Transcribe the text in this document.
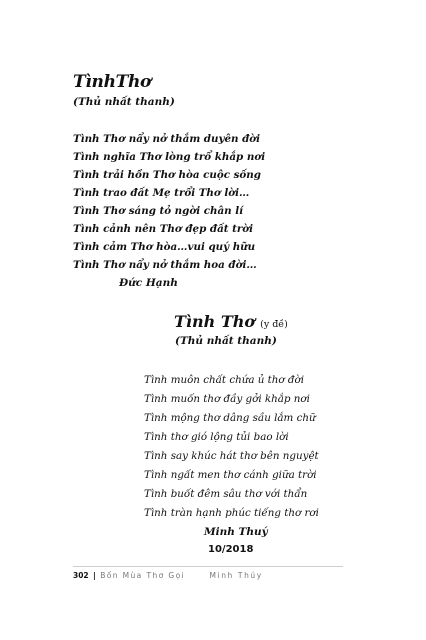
TìnhThơ
(Thủ nhất thanh)
Tình Thơ nẩy nở thắm duyên đời
Tình nghĩa Thơ lòng trổ khắp nơi
Tình trải hồn Thơ hòa cuộc sống
Tình trao đất Mẹ trổi Thơ lời…
Tình Thơ sáng tỏ ngời chân lí
Tình cảnh nên Thơ đẹp đất trời
Tình cảm Thơ hòa…vui quý hữu
Tình Thơ nẩy nở thắm hoa đời…
Đức Hạnh
Tình Thơ (y đề)
(Thủ nhất thanh)
Tình muôn chất chứa ủ thơ đời
Tình muốn thơ đầy gởi khắp nơi
Tình mộng thơ dâng sầu lắm chữ
Tình thơ gió lộng tủi bao lời
Tình say khúc hát thơ bên nguyệt
Tình ngất men thơ cánh giữa trời
Tình buốt đêm sâu thơ với thẩn
Tình tràn hạnh phúc tiếng thơ rơi
Minh Thuý
10/2018
302 | Bốn Mùa Thơ Gọi	Minh Thúy
